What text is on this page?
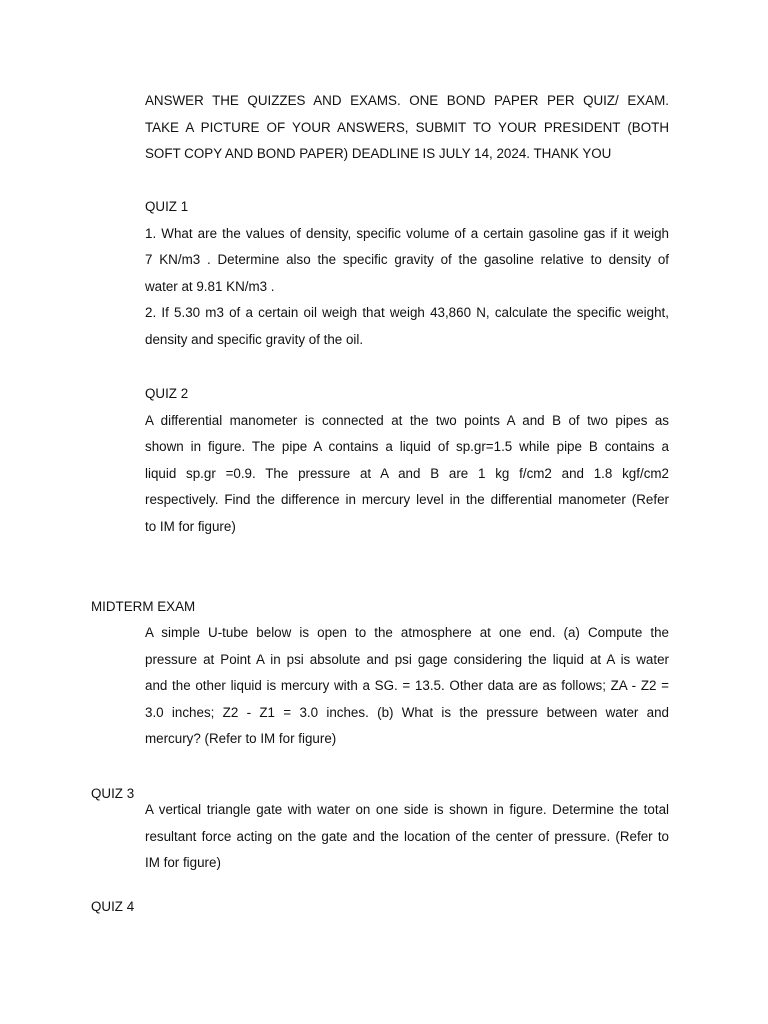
ANSWER THE QUIZZES AND EXAMS. ONE BOND PAPER PER QUIZ/ EXAM.
TAKE A PICTURE OF YOUR ANSWERS, SUBMIT TO YOUR PRESIDENT (BOTH
SOFT COPY AND BOND PAPER) DEADLINE IS JULY 14, 2024. THANK YOU
QUIZ 1
1. What are the values of density, specific volume of a certain gasoline gas if it weigh
7 KN/m3 . Determine also the specific gravity of the gasoline relative to density of
water at 9.81 KN/m3 .
2. If 5.30 m3 of a certain oil weigh that weigh 43,860 N, calculate the specific weight,
density and specific gravity of the oil.
QUIZ 2
A differential manometer is connected at the two points A and B of two pipes as
shown in figure. The pipe A contains a liquid of sp.gr=1.5 while pipe B contains a
liquid sp.gr =0.9. The pressure at A and B are 1 kg f/cm2 and 1.8 kgf/cm2
respectively. Find the difference in mercury level in the differential manometer (Refer
to IM for figure)
MIDTERM EXAM
A simple U-tube below is open to the atmosphere at one end. (a) Compute the
pressure at Point A in psi absolute and psi gage considering the liquid at A is water
and the other liquid is mercury with a SG. = 13.5. Other data are as follows; ZA - Z2 =
3.0 inches; Z2 - Z1 = 3.0 inches. (b) What is the pressure between water and
mercury? (Refer to IM for figure)
QUIZ 3
A vertical triangle gate with water on one side is shown in figure. Determine the total
resultant force acting on the gate and the location of the center of pressure. (Refer to
IM for figure)
QUIZ 4
